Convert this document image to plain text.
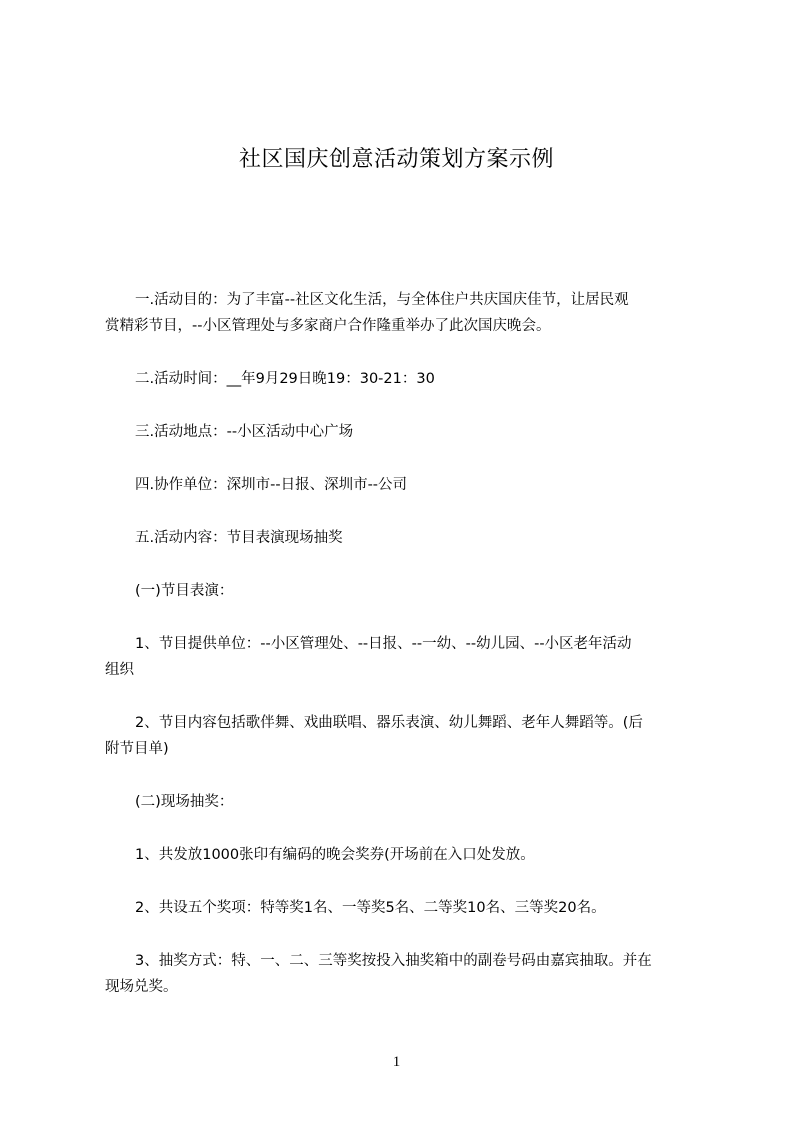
社区国庆创意活动策划方案示例

一.活动目的：为了丰富--社区文化生活，与全体住户共庆国庆佳节，让居民观
赏精彩节目，--小区管理处与多家商户合作隆重举办了此次国庆晚会。

二.活动时间：__年9月29日晚19：30-21：30

三.活动地点：--小区活动中心广场

四.协作单位：深圳市--日报、深圳市--公司

五.活动内容：节目表演现场抽奖

(一)节目表演：

1、节目提供单位：--小区管理处、--日报、--一幼、--幼儿园、--小区老年活动
组织

2、节目内容包括歌伴舞、戏曲联唱、器乐表演、幼儿舞蹈、老年人舞蹈等。(后
附节目单)

(二)现场抽奖：

1、共发放1000张印有编码的晚会奖券(开场前在入口处发放。

2、共设五个奖项：特等奖1名、一等奖5名、二等奖10名、三等奖20名。

3、抽奖方式：特、一、二、三等奖按投入抽奖箱中的副卷号码由嘉宾抽取。并在
现场兑奖。

1
